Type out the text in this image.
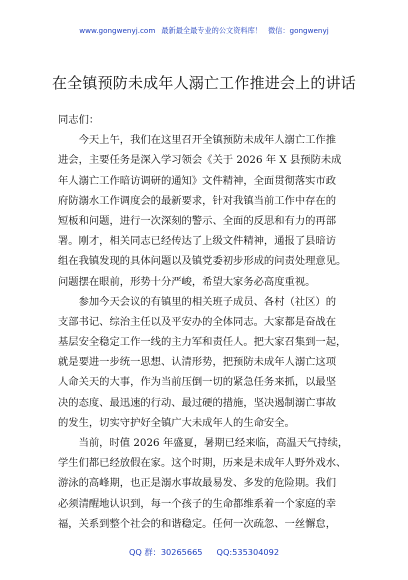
www.gongwenyj.com 最新最全最专业的公文资料库！ 微信：gongwenyj
在全镇预防未成年人溺亡工作推进会上的讲话
同志们：
　　今天上午，我们在这里召开全镇预防未成年人溺亡工作推
进会，主要任务是深入学习领会《关于 2026 年 X 县预防未成
年人溺亡工作暗访调研的通知》文件精神，全面贯彻落实市政
府防溺水工作调度会的最新要求，针对我镇当前工作中存在的
短板和问题，进行一次深刻的警示、全面的反思和有力的再部
署。刚才，相关同志已经传达了上级文件精神，通报了县暗访
组在我镇发现的具体问题以及镇党委初步形成的问责处理意见。
问题摆在眼前，形势十分严峻，希望大家务必高度重视。
　　参加今天会议的有镇里的相关班子成员、各村（社区）的
支部书记、综治主任以及平安办的全体同志。大家都是奋战在
基层安全稳定工作一线的主力军和责任人。把大家召集到一起，
就是要进一步统一思想、认清形势，把预防未成年人溺亡这项
人命关天的大事，作为当前压倒一切的紧急任务来抓，以最坚
决的态度、最迅速的行动、最过硬的措施，坚决遏制溺亡事故
的发生，切实守护好全镇广大未成年人的生命安全。
　　当前，时值 2026 年盛夏，暑期已经来临，高温天气持续，
学生们都已经放假在家。这个时期，历来是未成年人野外戏水、
游泳的高峰期，也正是溺水事故最易发、多发的危险期。我们
必须清醒地认识到，每一个孩子的生命都维系着一个家庭的幸
福，关系到整个社会的和谐稳定。任何一次疏忽、一丝懈怠，
QQ 群：30265665 QQ:535304092
